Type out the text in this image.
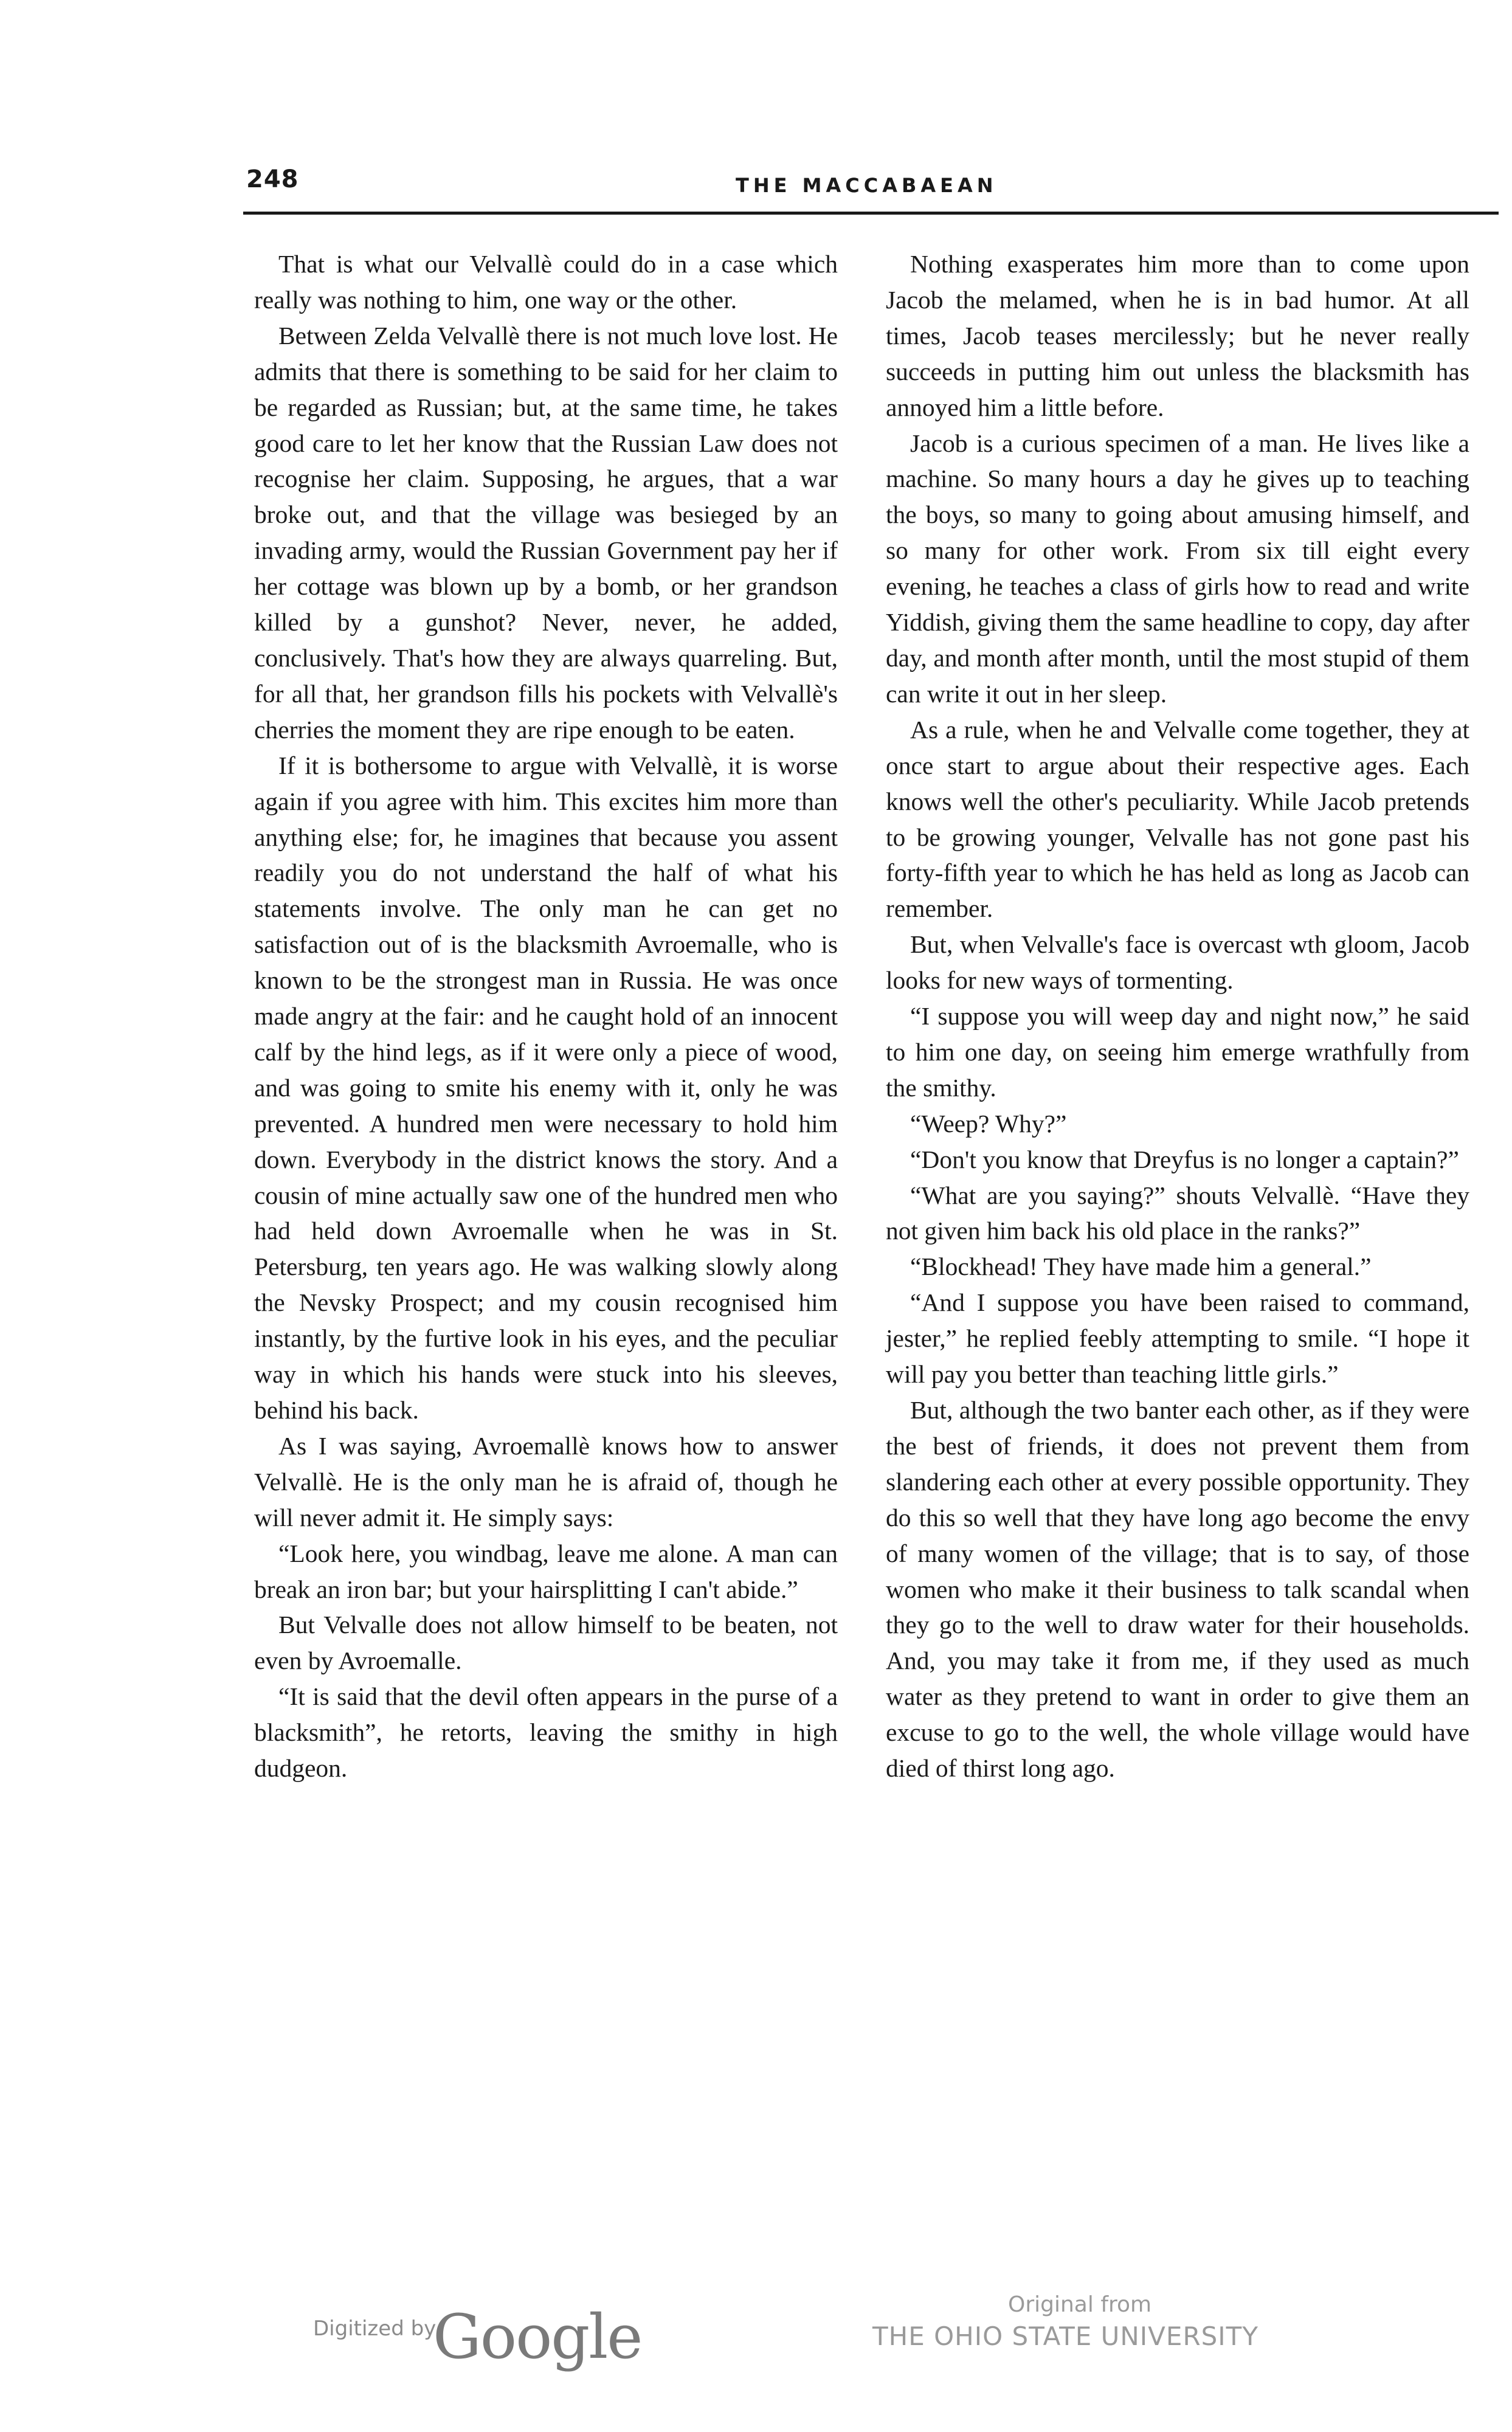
248	THE MACCABAEAN

That is what our Velvallè could do in a case which really was nothing to him, one way or the other.

Between Zelda Velvallè there is not much love lost. He admits that there is something to be said for her claim to be regarded as Russian; but, at the same time, he takes good care to let her know that the Russian Law does not recognise her claim. Supposing, he argues, that a war broke out, and that the village was besieged by an invading army, would the Russian Government pay her if her cottage was blown up by a bomb, or her grandson killed by a gunshot? Never, never, he added, conclusively. That's how they are always quarreling. But, for all that, her grandson fills his pockets with Velvallè's cherries the moment they are ripe enough to be eaten.

If it is bothersome to argue with Velvallè, it is worse again if you agree with him. This excites him more than anything else; for, he imagines that because you assent readily you do not understand the half of what his statements involve. The only man he can get no satisfaction out of is the blacksmith Avroemalle, who is known to be the strongest man in Russia. He was once made angry at the fair: and he caught hold of an innocent calf by the hind legs, as if it were only a piece of wood, and was going to smite his enemy with it, only he was prevented. A hundred men were necessary to hold him down. Everybody in the district knows the story. And a cousin of mine actually saw one of the hundred men who had held down Avroemalle when he was in St. Petersburg, ten years ago. He was walking slowly along the Nevsky Prospect; and my cousin recognised him instantly, by the furtive look in his eyes, and the peculiar way in which his hands were stuck into his sleeves, behind his back.

As I was saying, Avroemallè knows how to answer Velvallè. He is the only man he is afraid of, though he will never admit it. He simply says:

“Look here, you windbag, leave me alone. A man can break an iron bar; but your hairsplitting I can't abide.”

But Velvalle does not allow himself to be beaten, not even by Avroemalle.

“It is said that the devil often appears in the purse of a blacksmith”, he retorts, leaving the smithy in high dudgeon.

Nothing exasperates him more than to come upon Jacob the melamed, when he is in bad humor. At all times, Jacob teases mercilessly; but he never really succeeds in putting him out unless the blacksmith has annoyed him a little before.

Jacob is a curious specimen of a man. He lives like a machine. So many hours a day he gives up to teaching the boys, so many to going about amusing himself, and so many for other work. From six till eight every evening, he teaches a class of girls how to read and write Yiddish, giving them the same headline to copy, day after day, and month after month, until the most stupid of them can write it out in her sleep.

As a rule, when he and Velvalle come together, they at once start to argue about their respective ages. Each knows well the other's peculiarity. While Jacob pretends to be growing younger, Velvalle has not gone past his forty-fifth year to which he has held as long as Jacob can remember.

But, when Velvalle's face is overcast wth gloom, Jacob looks for new ways of tormenting.

“I suppose you will weep day and night now,” he said to him one day, on seeing him emerge wrathfully from the smithy.

“Weep? Why?”

“Don't you know that Dreyfus is no longer a captain?”

“What are you saying?” shouts Velvallè. “Have they not given him back his old place in the ranks?”

“Blockhead! They have made him a general.”

“And I suppose you have been raised to command, jester,” he replied feebly attempting to smile. “I hope it will pay you better than teaching little girls.”

But, although the two banter each other, as if they were the best of friends, it does not prevent them from slandering each other at every possible opportunity. They do this so well that they have long ago become the envy of many women of the village; that is to say, of those women who make it their business to talk scandal when they go to the well to draw water for their households. And, you may take it from me, if they used as much water as they pretend to want in order to give them an excuse to go to the well, the whole village would have died of thirst long ago.

Digitized by
Google	Original from
THE OHIO STATE UNIVERSITY
